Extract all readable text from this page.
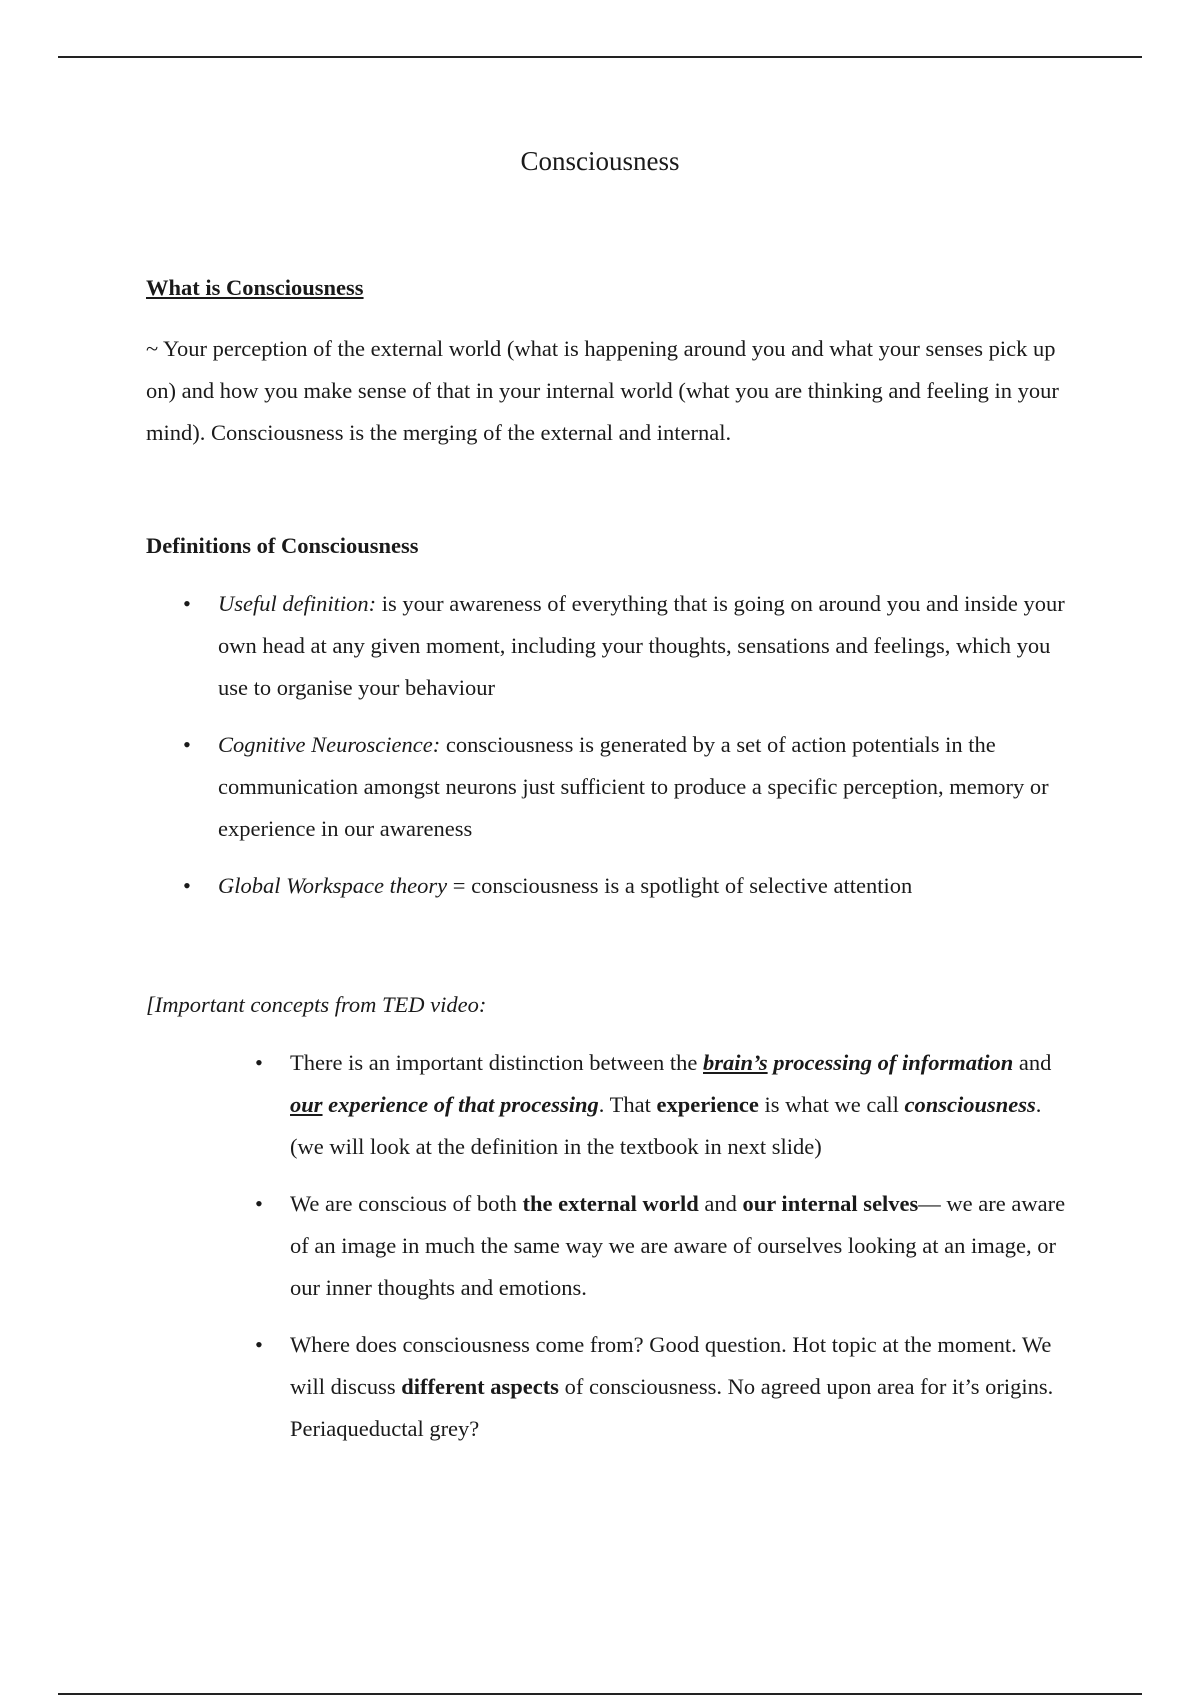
Consciousness
What is Consciousness
~ Your perception of the external world (what is happening around you and what your senses pick up on) and how you make sense of that in your internal world (what you are thinking and feeling in your mind). Consciousness is the merging of the external and internal.
Definitions of Consciousness
• Useful definition: is your awareness of everything that is going on around you and inside your own head at any given moment, including your thoughts, sensations and feelings, which you use to organise your behaviour
• Cognitive Neuroscience: consciousness is generated by a set of action potentials in the communication amongst neurons just sufficient to produce a specific perception, memory or experience in our awareness
• Global Workspace theory = consciousness is a spotlight of selective attention
[Important concepts from TED video:
• There is an important distinction between the brain’s processing of information and our experience of that processing. That experience is what we call consciousness. (we will look at the definition in the textbook in next slide)
• We are conscious of both the external world and our internal selves— we are aware of an image in much the same way we are aware of ourselves looking at an image, or our inner thoughts and emotions.
• Where does consciousness come from? Good question. Hot topic at the moment. We will discuss different aspects of consciousness. No agreed upon area for it’s origins. Periaqueductal grey?
